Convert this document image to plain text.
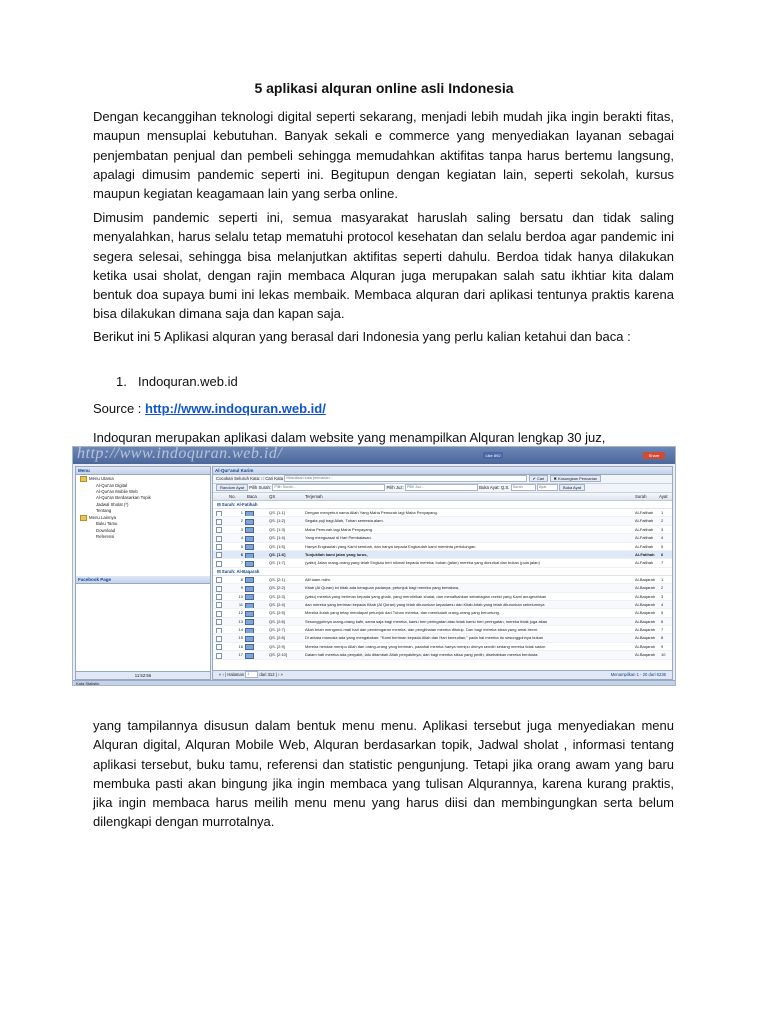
5 aplikasi alquran online asli Indonesia

Dengan kecanggihan teknologi digital seperti sekarang, menjadi lebih mudah jika ingin berakti fitas, maupun mensuplai kebutuhan. Banyak sekali e commerce yang menyediakan layanan sebagai penjembatan penjual dan pembeli sehingga memudahkan aktifitas tanpa harus bertemu langsung, apalagi dimusim pandemic seperti ini. Begitupun dengan kegiatan lain, seperti sekolah, kursus maupun kegiatan keagamaan lain yang serba online.

Dimusim pandemic seperti ini, semua masyarakat haruslah saling bersatu dan tidak saling menyalahkan, harus selalu tetap mematuhi protocol kesehatan dan selalu berdoa agar pandemic ini segera selesai, sehingga bisa melanjutkan aktifitas seperti dahulu. Berdoa tidak hanya dilakukan ketika usai sholat, dengan rajin membaca Alquran juga merupakan salah satu ikhtiar kita dalam bentuk doa supaya bumi ini lekas membaik. Membaca alquran dari aplikasi tentunya praktis karena bisa dilakukan dimana saja dan kapan saja.

Berikut ini 5 Aplikasi alquran yang berasal dari Indonesia yang perlu kalian ketahui dan baca :

1. Indoquran.web.id
Source : http://www.indoquran.web.id/

Indoquran merupakan aplikasi dalam website yang menampilkan Alquran lengkap 30 juz,

http://www.indoquran.web.id/	Like 892	Share
Menu
Menu Utama
Al-Qur'an Digital
Al-Qur'an Mobile Web
Al-Qur'an Berdasarkan Topik
Jadwal Sholat (*)
Tentang
Menu Lainnya
Buku Tamu
Download
Referensi
Facebook Page
11:52:56
Al-Qur'anul Karim
Cocokan Seluruh Kata: □ Cari Kata Masukkan kata pencarian...	✔ Cari ✖ Kosongkan Pencarian
Random Ayat Pilih Surah: Pilih Surah...	Pilih Juz: Pilih Juz...	Buka Ayat: Q.S. Surah	Ayat	Buka Ayat
No.	Baca	QS	Terjemah	Surah	Ayat
⊟ Surah: Al-Fatihah
1	QS. [1:1]	Dengan menyebut nama Allah Yang Maha Pemurah lagi Maha Penyayang.	Al-Fatihah 1
2	QS. [1:2]	Segala puji bagi Allah, Tuhan semesta alam.	Al-Fatihah 2
3	QS. [1:3]	Maha Pemurah lagi Maha Penyayang.	Al-Fatihah 3
4	QS. [1:4]	Yang menguasai di Hari Pembalasan.	Al-Fatihah 4
5	QS. [1:5]	Hanya Engkaulah yang Kami sembah, dan hanya kepada Engkaulah kami meminta pertolongan.	Al-Fatihah 5
6	QS. [1:6]	Tunjukilah kami jalan yang lurus,	Al-Fatihah 6
7	QS. [1:7]	(yaitu) Jalan orang-orang yang telah Engkau beri nikmat kepada mereka; bukan (jalan) mereka yang dimurkai dan bukan (pula jalan)	Al-Fatihah 7
⊟ Surah: Al-Baqarah
8	QS. [2:1]	Alif laam miim.	Al-Baqarah 1
9	QS. [2:2]	Kitab (Al Quran) ini tidak ada keraguan padanya; petunjuk bagi mereka yang bertakwa,	Al-Baqarah 2
10	QS. [2:3]	(yaitu) mereka yang beriman kepada yang ghaib, yang mendirikan shalat, dan menafkahkan sebahagian rezeki yang Kami anugerahkan	Al-Baqarah 3
11	QS. [2:4]	dan mereka yang beriman kepada Kitab (Al Quran) yang telah diturunkan kepadamu dan Kitab-kitab yang telah diturunkan sebelumnya	Al-Baqarah 4
12	QS. [2:5]	Mereka itulah yang tetap mendapat petunjuk dari Tuhan mereka, dan merekalah orang-orang yang beruntung.	Al-Baqarah 5
13	QS. [2:6]	Sesungguhnya orang-orang kafir, sama saja bagi mereka, kamu beri peringatan atau tidak kamu beri peringatan, mereka tidak juga akan	Al-Baqarah 6
14	QS. [2:7]	Allah telah mengunci-mati hati dan pendengaran mereka, dan penglihatan mereka ditutup. Dan bagi mereka siksa yang amat berat.	Al-Baqarah 7
15	QS. [2:8]	Di antara manusia ada yang mengatakan: "Kami beriman kepada Allah dan Hari kemudian," pada hal mereka itu sesungguhnya bukan	Al-Baqarah 8
16	QS. [2:9]	Mereka hendak menipu Allah dan orang-orang yang beriman, padahal mereka hanya menipu dirinya sendiri sedang mereka tidak sadar.	Al-Baqarah 9
17	QS. [2:10]	Dalam hati mereka ada penyakit, lalu ditambah Allah penyakitnya; dan bagi mereka siksa yang pedih, disebabkan mereka berdusta.	Al-Baqarah 10
« ‹ | Halaman 1 dari 312 | › »	Menampilkan 1 - 20 dari 6236
Kata Statistic

yang tampilannya disusun dalam bentuk menu menu. Aplikasi tersebut juga menyediakan menu Alquran digital, Alquran Mobile Web, Alquran berdasarkan topik, Jadwal sholat , informasi tentang aplikasi tersebut, buku tamu, referensi dan statistic pengunjung. Tetapi jika orang awam yang baru membuka pasti akan bingung jika ingin membaca yang tulisan Alqurannya, karena kurang praktis, jika ingin membaca harus meilih menu menu yang harus diisi dan membingungkan serta belum dilengkapi dengan murrotalnya.
